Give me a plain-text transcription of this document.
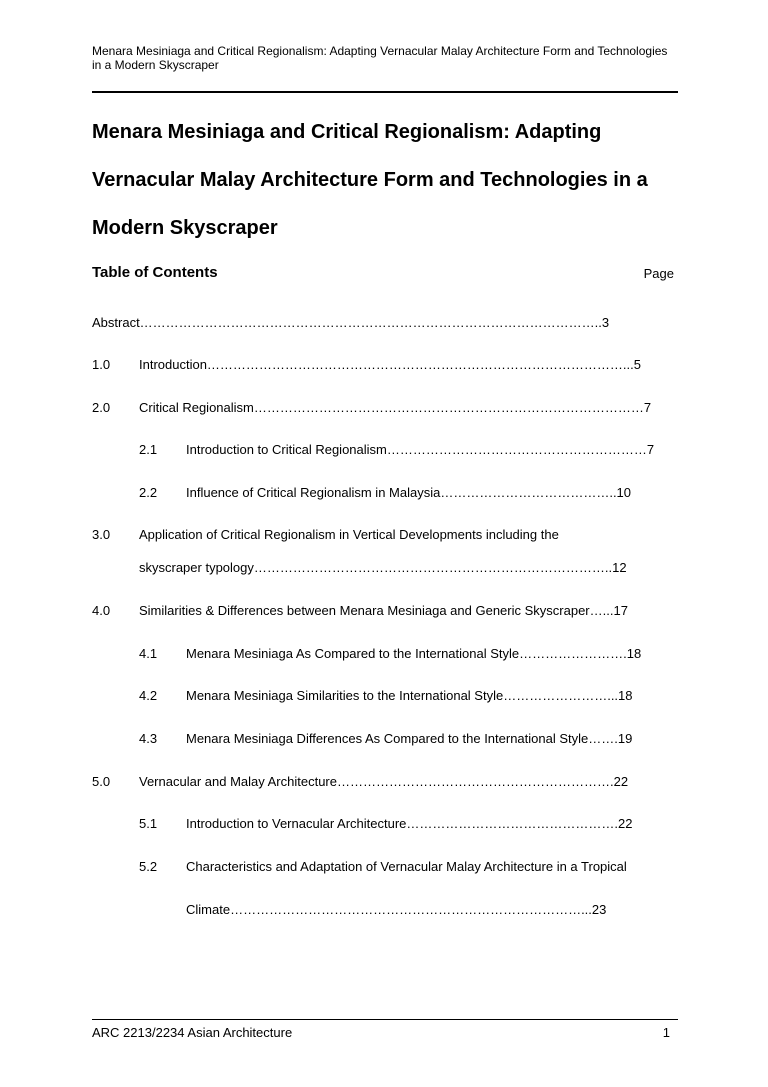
Menara Mesiniaga and Critical Regionalism: Adapting Vernacular Malay Architecture Form and Technologies in a Modern Skyscraper
Menara Mesiniaga and Critical Regionalism: Adapting
Vernacular Malay Architecture Form and Technologies in a
Modern Skyscraper
Table of Contents	Page
Abstract……………………………………………………………………………………………..3
1.0 Introduction……………………………………………………………………………………...5
2.0 Critical Regionalism………………………………………………………………………………7
2.1 Introduction to Critical Regionalism……………………………………………………7
2.2 Influence of Critical Regionalism in Malaysia…………………………………..10
3.0 Application of Critical Regionalism in Vertical Developments including the
skyscraper typology………………………………………………………………………..12
4.0 Similarities & Differences between Menara Mesiniaga and Generic Skyscraper…...17
4.1 Menara Mesiniaga As Compared to the International Style…………………….18
4.2 Menara Mesiniaga Similarities to the International Style……………………...18
4.3 Menara Mesiniaga Differences As Compared to the International Style…….19
5.0 Vernacular and Malay Architecture……………………………………………………….22
5.1 Introduction to Vernacular Architecture………………………………………….22
5.2 Characteristics and Adaptation of Vernacular Malay Architecture in a Tropical
Climate………………………………………………………………………...23
ARC 2213/2234 Asian Architecture	1
